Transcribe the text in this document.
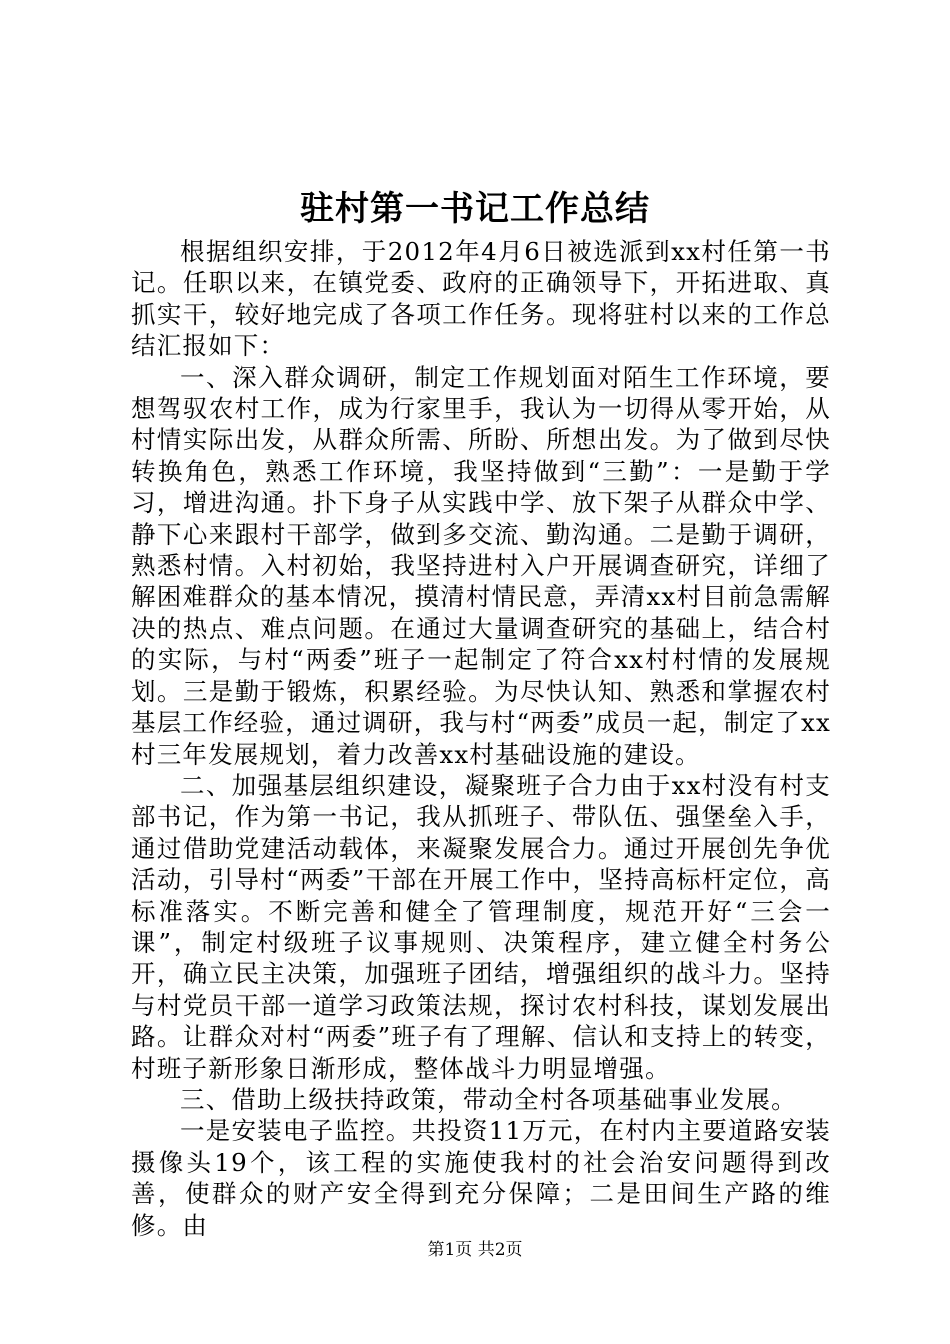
驻村第一书记工作总结

根据组织安排，于2012年4月6日被选派到xx村任第一书记。任职以来，在镇党委、政府的正确领导下，开拓进取、真抓实干，较好地完成了各项工作任务。现将驻村以来的工作总结汇报如下：

一、深入群众调研，制定工作规划面对陌生工作环境，要想驾驭农村工作，成为行家里手，我认为一切得从零开始，从村情实际出发，从群众所需、所盼、所想出发。为了做到尽快转换角色，熟悉工作环境，我坚持做到“三勤”：一是勤于学习，增进沟通。扑下身子从实践中学、放下架子从群众中学、静下心来跟村干部学，做到多交流、勤沟通。二是勤于调研，熟悉村情。入村初始，我坚持进村入户开展调查研究，详细了解困难群众的基本情况，摸清村情民意，弄清xx村目前急需解决的热点、难点问题。在通过大量调查研究的基础上，结合村的实际，与村“两委”班子一起制定了符合xx村村情的发展规划。三是勤于锻炼，积累经验。为尽快认知、熟悉和掌握农村基层工作经验，通过调研，我与村“两委”成员一起，制定了xx村三年发展规划，着力改善xx村基础设施的建设。

二、加强基层组织建设，凝聚班子合力由于xx村没有村支部书记，作为第一书记，我从抓班子、带队伍、强堡垒入手，通过借助党建活动载体，来凝聚发展合力。通过开展创先争优活动，引导村“两委”干部在开展工作中，坚持高标杆定位，高标准落实。不断完善和健全了管理制度，规范开好“三会一课”，制定村级班子议事规则、决策程序，建立健全村务公开，确立民主决策，加强班子团结，增强组织的战斗力。坚持与村党员干部一道学习政策法规，探讨农村科技，谋划发展出路。让群众对村“两委”班子有了理解、信认和支持上的转变，村班子新形象日渐形成，整体战斗力明显增强。

三、借助上级扶持政策，带动全村各项基础事业发展。

一是安装电子监控。共投资11万元，在村内主要道路安装摄像头19个，该工程的实施使我村的社会治安问题得到改善，使群众的财产安全得到充分保障；二是田间生产路的维修。由

第1页 共2页
